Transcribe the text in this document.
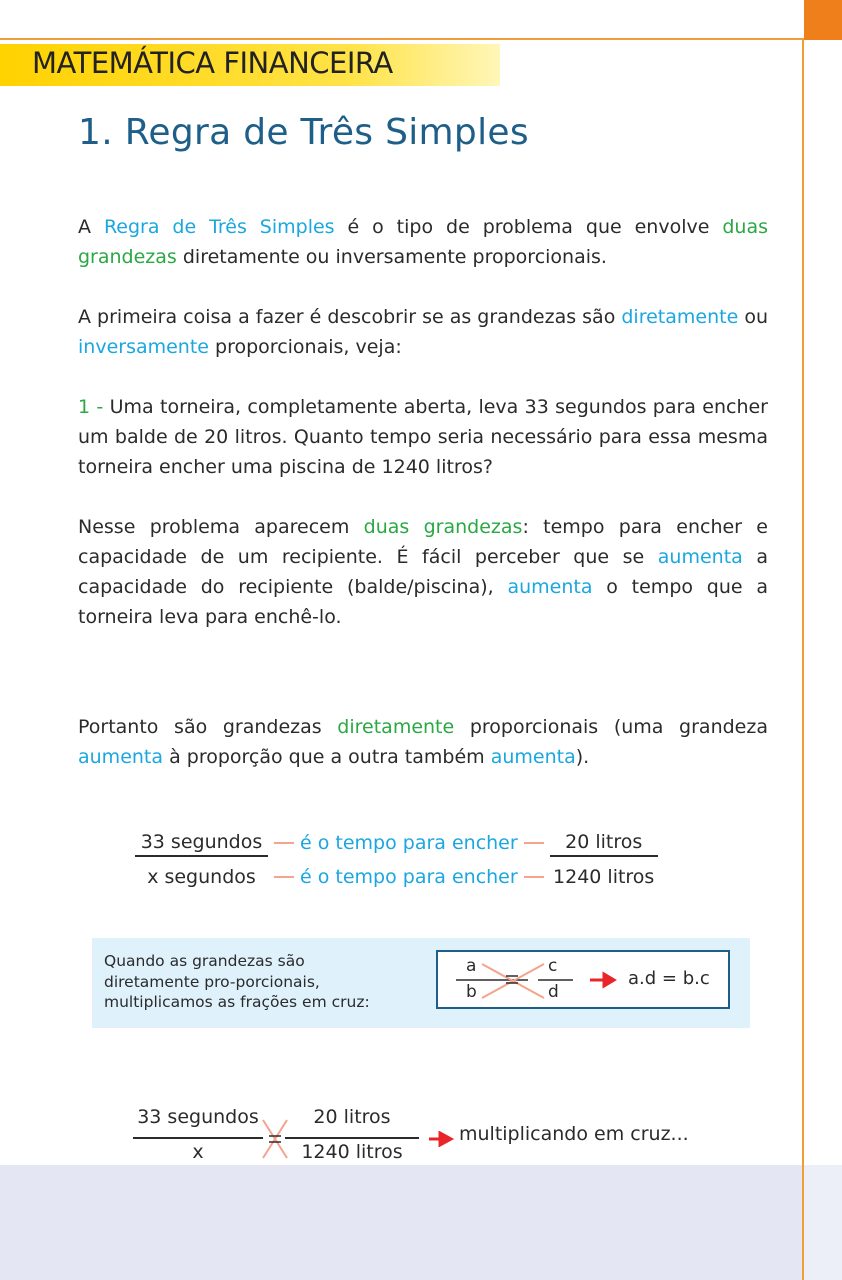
MATEMÁTICA FINANCEIRA
1. Regra de Três Simples
A Regra de Três Simples é o tipo de problema que envolve duas grandezas diretamente ou inversamente proporcionais.
A primeira coisa a fazer é descobrir se as grandezas são diretamente ou inversamente proporcionais, veja:
1 - Uma torneira, completamente aberta, leva 33 segundos para encher um balde de 20 litros. Quanto tempo seria necessário para essa mesma torneira encher uma piscina de 1240 litros?
Nesse problema aparecem duas grandezas: tempo para encher e capacidade de um recipiente. É fácil perceber que se aumenta a capacidade do recipiente (balde/piscina), aumenta o tempo que a torneira leva para enchê-lo.
Portanto são grandezas diretamente proporcionais (uma grandeza aumenta à proporção que a outra também aumenta).
33 segundos	é o tempo para encher	20 litros
x segundos	é o tempo para encher 1240 litros
Quando as grandezas são
diretamente pro-porcionais,
multiplicamos as frações em cruz:
a
b
c
d
a.d = b.c
33 segundos
x
20 litros
1240 litros
multiplicando em cruz...
